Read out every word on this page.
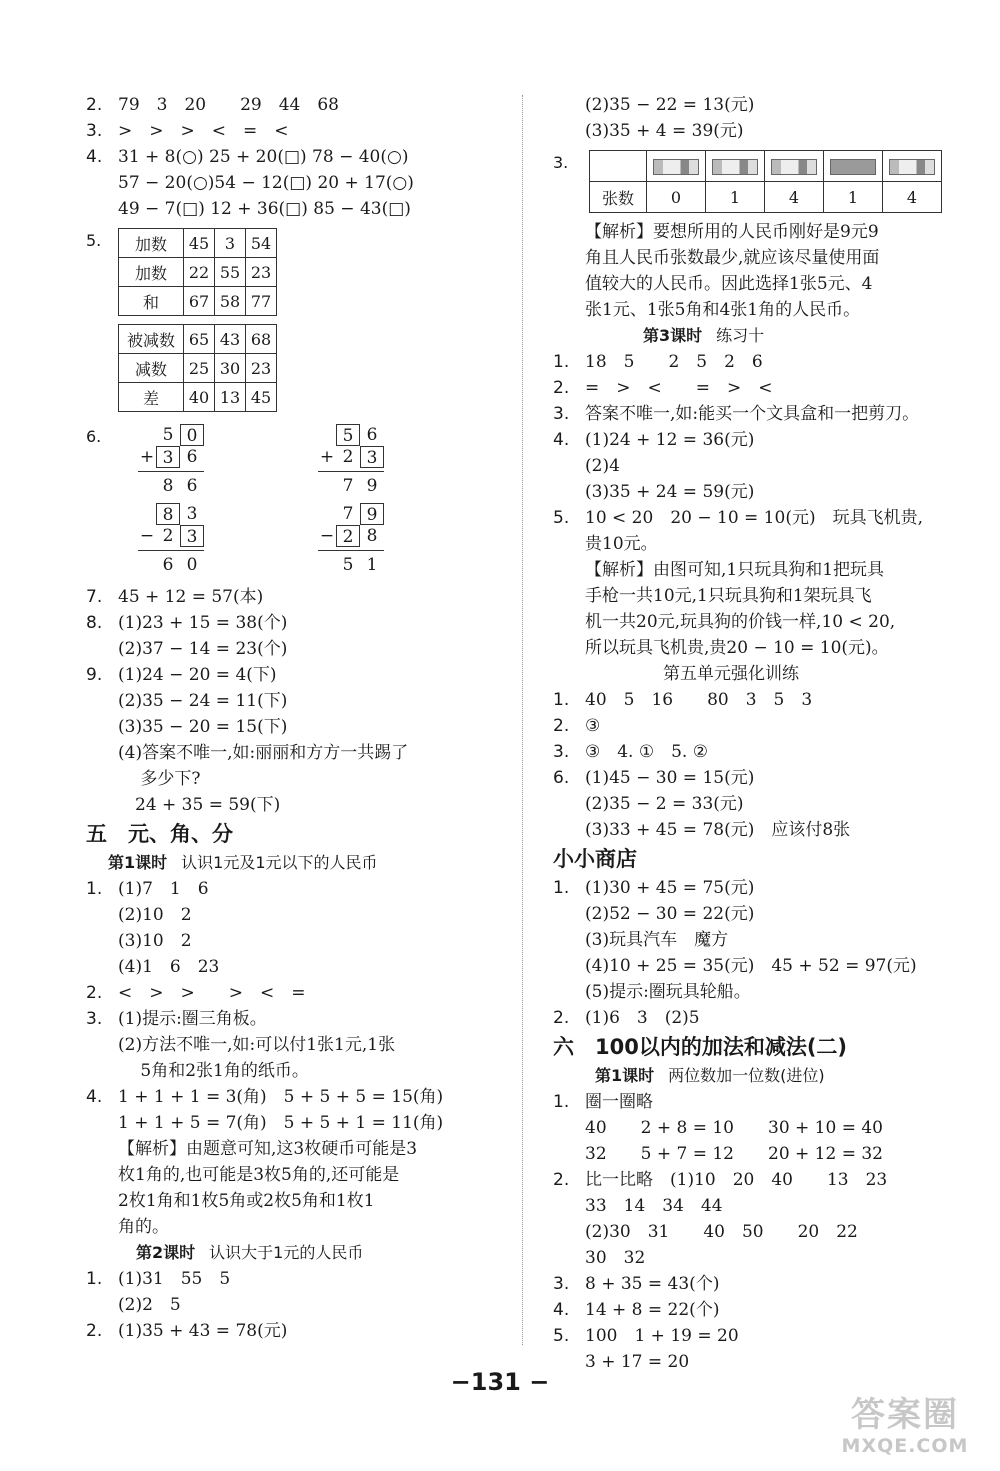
2. 79　3　20　　29　44　68
3. >　>　>　<　=　<
4. 31 + 8(○) 25 + 20(□) 78 − 40(○)
57 − 20(○)54 − 12(□) 20 + 17(○)
49 − 7(□) 12 + 36(□) 85 − 43(□)
5.	加数	45	3	54
加数	22	55	23
和	67	58	77
被减数	65	43	68
减数	25	30	23
差	40	13	45
6.	5 0
+ 3 6
8 6
5 6
+ 2 3
7 9
8 3
− 2 3
6 0
7 9
− 2 8
5 1
7. 45 + 12 = 57(本)
8. (1)23 + 15 = 38(个)
(2)37 − 14 = 23(个)
9. (1)24 − 20 = 4(下)
(2)35 − 24 = 11(下)
(3)35 − 20 = 15(下)
(4)答案不唯一,如:丽丽和方方一共踢了
　 多少下?
　24 + 35 = 59(下)
五　元、角、分
第1课时 认识1元及1元以下的人民币
1. (1)7　1　6
(2)10　2
(3)10　2
(4)1　6　23
2. <　>　>　　>　<　=
3. (1)提示:圈三角板。
(2)方法不唯一,如:可以付1张1元,1张
　 5角和2张1角的纸币。
4. 1 + 1 + 1 = 3(角)　5 + 5 + 5 = 15(角)
1 + 1 + 5 = 7(角)　5 + 5 + 1 = 11(角)
【解析】由题意可知,这3枚硬币可能是3
枚1角的,也可能是3枚5角的,还可能是
2枚1角和1枚5角或2枚5角和1枚1
角的。
第2课时 认识大于1元的人民币
1. (1)31　55　5
(2)2　5
2. (1)35 + 43 = 78(元)
(2)35 − 22 = 13(元)
(3)35 + 4 = 39(元)
3.

张数	0	1	4	1	4
【解析】要想所用的人民币刚好是9元9
角且人民币张数最少,就应该尽量使用面
值较大的人民币。因此选择1张5元、4
张1元、1张5角和4张1角的人民币。
第3课时 练习十
1. 18　5　　2　5　2　6
2. =　>　<　　=　>　<
3. 答案不唯一,如:能买一个文具盒和一把剪刀。
4. (1)24 + 12 = 36(元)
(2)4
(3)35 + 24 = 59(元)
5. 10 < 20　20 − 10 = 10(元)　玩具飞机贵,
贵10元。
【解析】由图可知,1只玩具狗和1把玩具
手枪一共10元,1只玩具狗和1架玩具飞
机一共20元,玩具狗的价钱一样,10 < 20,
所以玩具飞机贵,贵20 − 10 = 10(元)。
第五单元强化训练
1. 40　5　16　　80　3　5　3
2. ③
3. ③　4. ①　5. ②
6. (1)45 − 30 = 15(元)
(2)35 − 2 = 33(元)
(3)33 + 45 = 78(元)　应该付8张
小小商店
1. (1)30 + 45 = 75(元)
(2)52 − 30 = 22(元)
(3)玩具汽车　魔方
(4)10 + 25 = 35(元)　45 + 52 = 97(元)
(5)提示:圈玩具轮船。
2. (1)6　3　(2)5
六　100以内的加法和减法(二)
第1课时 两位数加一位数(进位)
1. 圈一圈略
40　　2 + 8 = 10　　30 + 10 = 40
32　　5 + 7 = 12　　20 + 12 = 32
2. 比一比略　(1)10　20　40　　13　23
33　14　34　44
(2)30　31　　40　50　　20　22
30　32
3. 8 + 35 = 43(个)
4. 14 + 8 = 22(个)
5. 100　1 + 19 = 20
3 + 17 = 20
−131 −
答案圈
MXQE.COM
